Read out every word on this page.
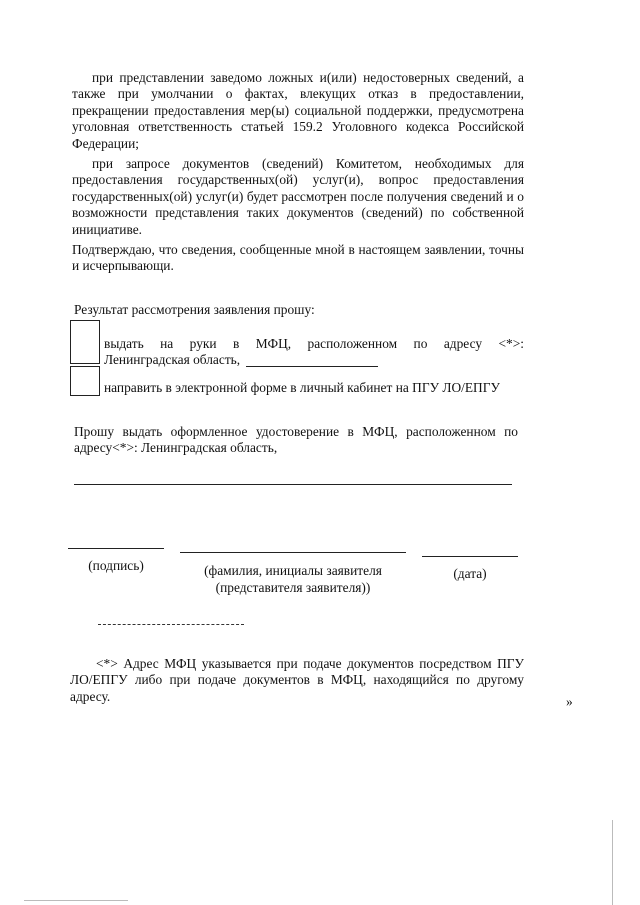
при представлении заведомо ложных и(или) недостоверных сведений, а также при умолчании о фактах, влекущих отказ в предоставлении, прекращении предоставления мер(ы) социальной поддержки, предусмотрена уголовная ответственность статьей 159.2 Уголовного кодекса Российской Федерации;

при запросе документов (сведений) Комитетом, необходимых для предоставления государственных(ой) услуг(и), вопрос предоставления государственных(ой) услуг(и) будет рассмотрен после получения сведений и о возможности представления таких документов (сведений) по собственной инициативе.

Подтверждаю, что сведения, сообщенные мной в настоящем заявлении, точны и исчерпывающи.

Результат рассмотрения заявления прошу:
выдать на руки в МФЦ, расположенном по адресу <*>:
Ленинградская область,
направить в электронной форме в личный кабинет на ПГУ ЛО/ЕПГУ

Прошу выдать оформленное удостоверение в МФЦ, расположенном по адресу<*>: Ленинградская область,

(подпись)	(фамилия, инициалы заявителя
(представителя заявителя))
(дата)

<*> Адрес МФЦ указывается при подаче документов посредством ПГУ ЛО/ЕПГУ либо при подаче документов в МФЦ, находящийся по другому адресу.	»
